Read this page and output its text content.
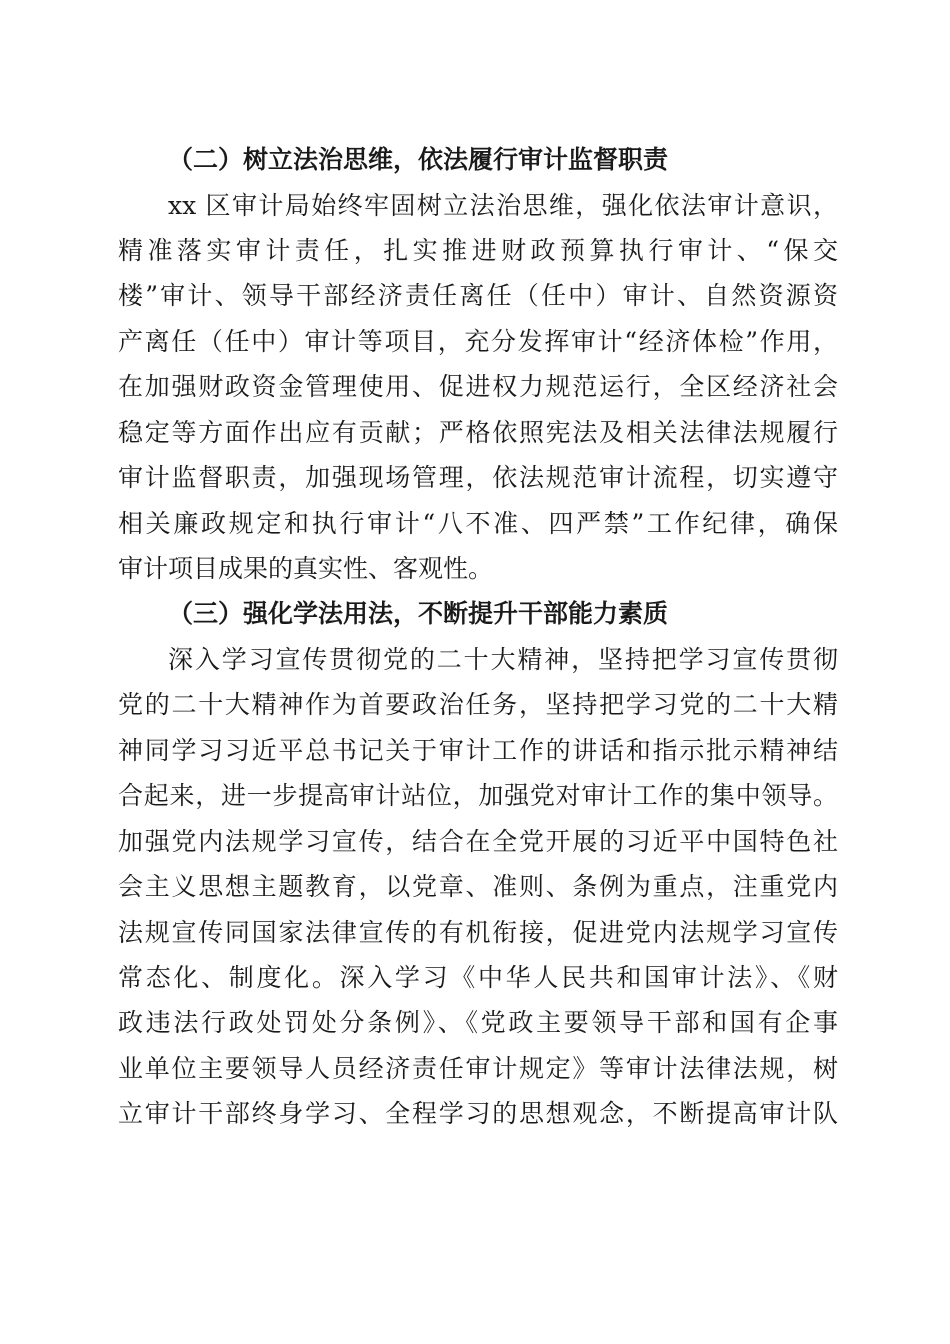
（二）树立法治思维，依法履行审计监督职责
xx 区审计局始终牢固树立法治思维，强化依法审计意识，
精准落实审计责任，扎实推进财政预算执行审计、“保交
楼”审计、领导干部经济责任离任（任中）审计、自然资源资
产离任（任中）审计等项目，充分发挥审计“经济体检”作用，
在加强财政资金管理使用、促进权力规范运行，全区经济社会
稳定等方面作出应有贡献；严格依照宪法及相关法律法规履行
审计监督职责，加强现场管理，依法规范审计流程，切实遵守
相关廉政规定和执行审计“八不准、四严禁”工作纪律，确保
审计项目成果的真实性、客观性。
（三）强化学法用法，不断提升干部能力素质
深入学习宣传贯彻党的二十大精神，坚持把学习宣传贯彻
党的二十大精神作为首要政治任务，坚持把学习党的二十大精
神同学习习近平总书记关于审计工作的讲话和指示批示精神结
合起来，进一步提高审计站位，加强党对审计工作的集中领导。
加强党内法规学习宣传，结合在全党开展的习近平中国特色社
会主义思想主题教育，以党章、准则、条例为重点，注重党内
法规宣传同国家法律宣传的有机衔接，促进党内法规学习宣传
常态化、制度化。深入学习《中华人民共和国审计法》、《财
政违法行政处罚处分条例》、《党政主要领导干部和国有企事
业单位主要领导人员经济责任审计规定》等审计法律法规，树
立审计干部终身学习、全程学习的思想观念，不断提高审计队
